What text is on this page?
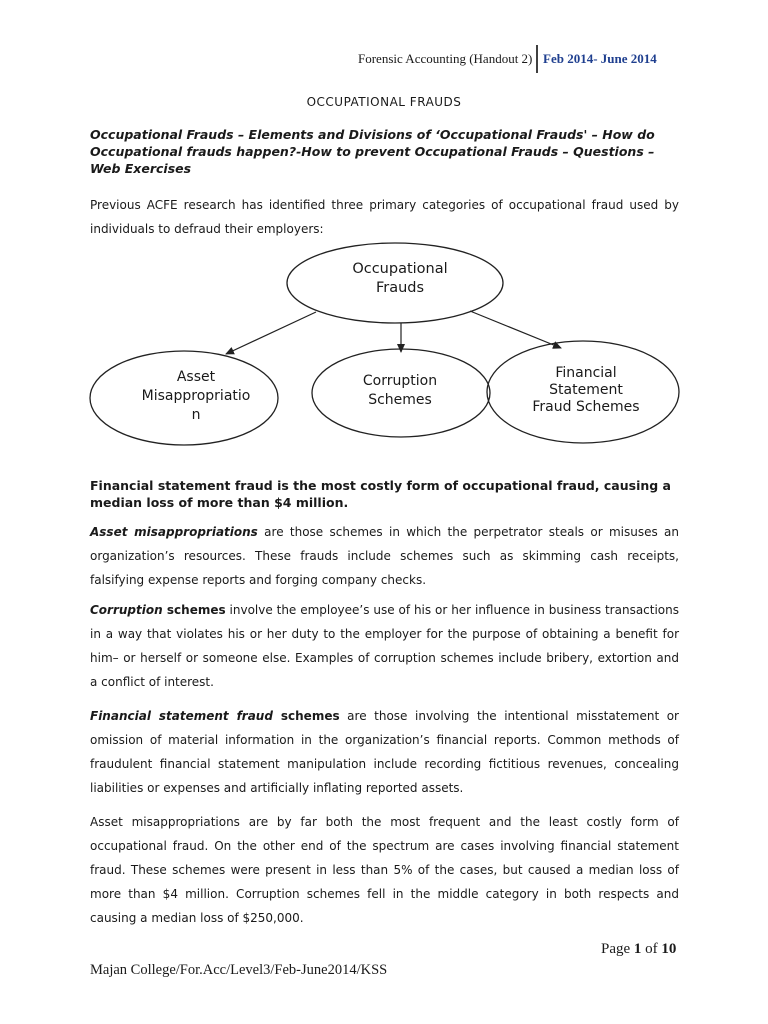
Forensic Accounting (Handout 2) Feb 2014- June 2014
OCCUPATIONAL FRAUDS
Occupational Frauds – Elements and Divisions of ‘Occupational Frauds' – How do Occupational frauds happen?-How to prevent Occupational Frauds – Questions – Web Exercises
Previous ACFE research has identified three primary categories of occupational fraud used by individuals to defraud their employers:
Occupational
Frauds
Asset
Misappropriatio
n
Corruption
Schemes
Financial
Statement
Fraud Schemes
Financial statement fraud is the most costly form of occupational fraud, causing a median loss of more than $4 million.
Asset misappropriations are those schemes in which the perpetrator steals or misuses an organization’s resources. These frauds include schemes such as skimming cash receipts, falsifying expense reports and forging company checks.
Corruption schemes involve the employee’s use of his or her influence in business transactions in a way that violates his or her duty to the employer for the purpose of obtaining a benefit for him– or herself or someone else. Examples of corruption schemes include bribery, extortion and a conflict of interest.
Financial statement fraud schemes are those involving the intentional misstatement or omission of material information in the organization’s financial reports. Common methods of fraudulent financial statement manipulation include recording fictitious revenues, concealing liabilities or expenses and artificially inflating reported assets.
Asset misappropriations are by far both the most frequent and the least costly form of occupational fraud. On the other end of the spectrum are cases involving financial statement fraud. These schemes were present in less than 5% of the cases, but caused a median loss of more than $4 million. Corruption schemes fell in the middle category in both respects and causing a median loss of $250,000.
Page 1 of 10
Majan College/For.Acc/Level3/Feb-June2014/KSS
